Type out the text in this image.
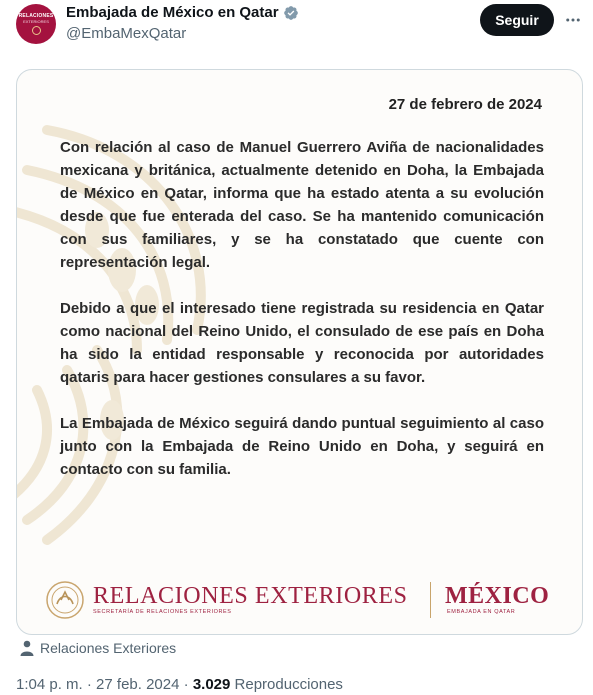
RELACIONES
EXTERIORES
Embajada de México en Qatar
@EmbaMexQatar
Seguir
27 de febrero de 2024

Con relación al caso de Manuel Guerrero Aviña de nacionalidades mexicana y británica, actualmente detenido en Doha, la Embajada de México en Qatar, informa que ha estado atenta a su evolución desde que fue enterada del caso. Se ha mantenido comunicación con sus familiares, y se ha constatado que cuente con representación legal.

Debido a que el interesado tiene registrada su residencia en Qatar como nacional del Reino Unido, el consulado de ese país en Doha ha sido la entidad responsable y reconocida por autoridades qataris para hacer gestiones consulares a su favor.

La Embajada de México seguirá dando puntual seguimiento al caso junto con la Embajada de Reino Unido en Doha, y seguirá en contacto con su familia.

RELACIONES EXTERIORES
SECRETARÍA DE RELACIONES EXTERIORES
MÉXICO
EMBAJADA EN QATAR
Relaciones Exteriores
1:04 p. m. · 27 feb. 2024 · 3.029 Reproducciones
